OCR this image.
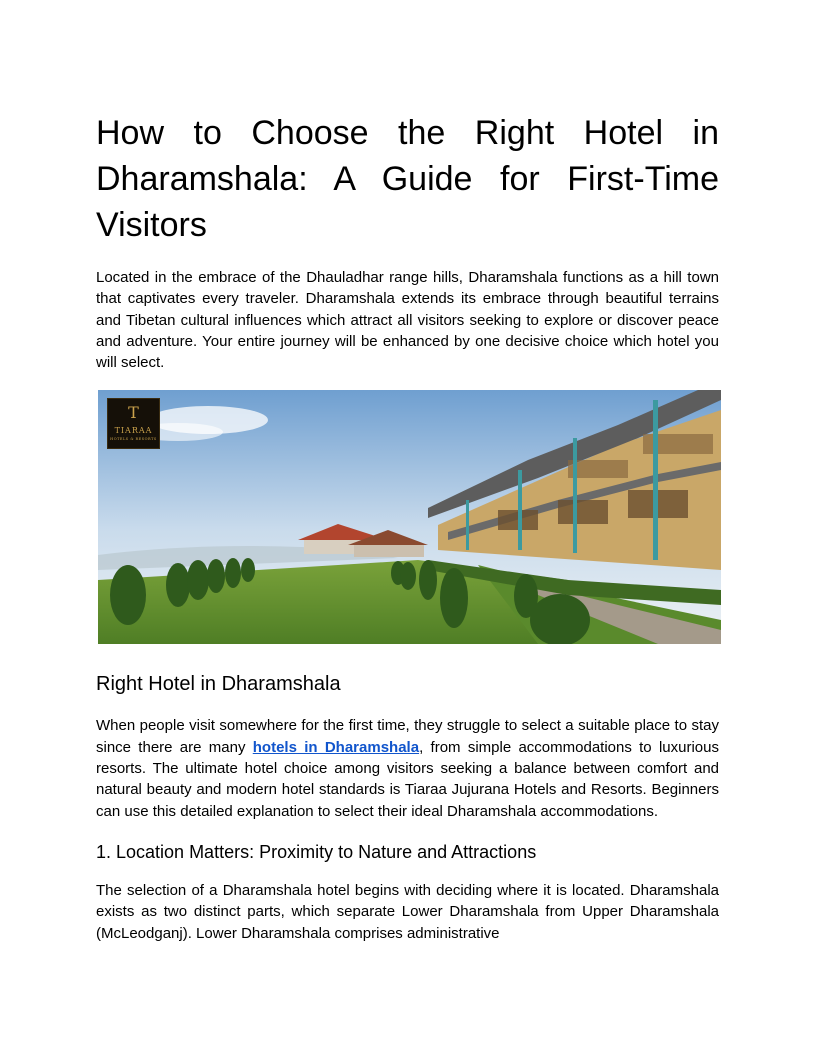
How to Choose the Right Hotel in Dharamshala: A Guide for First-Time Visitors

Located in the embrace of the Dhauladhar range hills, Dharamshala functions as a hill town that captivates every traveler. Dharamshala extends its embrace through beautiful terrains and Tibetan cultural influences which attract all visitors seeking to explore or discover peace and adventure. Your entire journey will be enhanced by one decisive choice which hotel you will select.

T
TIARAA
HOTELS & RESORTS
Right Hotel in Dharamshala

When people visit somewhere for the first time, they struggle to select a suitable place to stay since there are many hotels in Dharamshala, from simple accommodations to luxurious resorts. The ultimate hotel choice among visitors seeking a balance between comfort and natural beauty and modern hotel standards is Tiaraa Jujurana Hotels and Resorts. Beginners can use this detailed explanation to select their ideal Dharamshala accommodations.

1. Location Matters: Proximity to Nature and Attractions

The selection of a Dharamshala hotel begins with deciding where it is located. Dharamshala exists as two distinct parts, which separate Lower Dharamshala from Upper Dharamshala (McLeodganj). Lower Dharamshala comprises administrative
